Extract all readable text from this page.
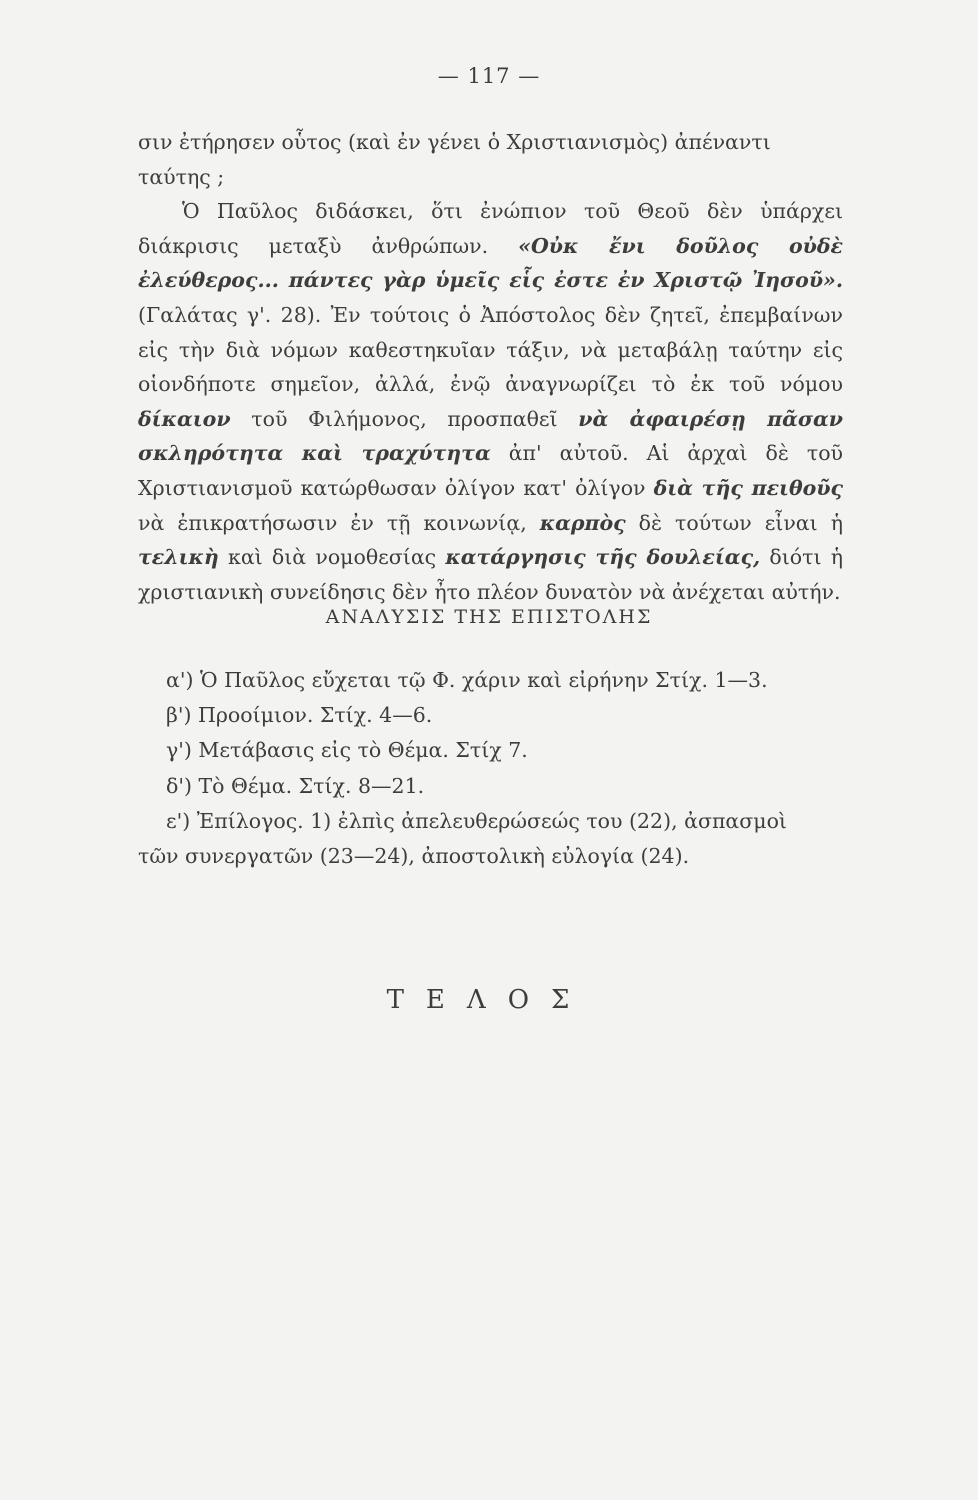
— 117 —

σιν ἐτήρησεν οὗτος (καὶ ἐν γένει ὁ Χριστιανισμὸς) ἀπέναντι
ταύτης ;

Ὁ Παῦλος διδάσκει, ὅτι ἐνώπιον τοῦ Θεοῦ δὲν ὑπάρχει διάκρισις μεταξὺ ἀνθρώπων. «Οὐκ ἔνι δοῦλος οὐδὲ ἐλεύθερος... πάντες γὰρ ὑμεῖς εἷς ἐστε ἐν Χριστῷ Ἰησοῦ». (Γαλάτας γ'. 28). Ἐν τούτοις ὁ Ἀπόστολος δὲν ζητεῖ, ἐπεμβαίνων εἰς τὴν διὰ νόμων καθεστηκυῖαν τάξιν, νὰ μεταβάλῃ ταύτην εἰς οἱονδήποτε σημεῖον, ἀλλά, ἐνῷ ἀναγνωρίζει τὸ ἐκ τοῦ νόμου δίκαιον τοῦ Φιλήμονος, προσπαθεῖ νὰ ἀφαιρέσῃ πᾶσαν σκληρότητα καὶ τραχύτητα ἀπ' αὐτοῦ. Αἱ ἀρχαὶ δὲ τοῦ Χριστιανισμοῦ κατώρθωσαν ὀλίγον κατ' ὀλίγον διὰ τῆς πειθοῦς νὰ ἐπικρατήσωσιν ἐν τῇ κοινωνίᾳ, καρπὸς δὲ τούτων εἶναι ἡ τελικὴ καὶ διὰ νομοθεσίας κατάργησις τῆς δουλείας, διότι ἡ χριστιανικὴ συνείδησις δὲν ἦτο πλέον δυνατὸν νὰ ἀνέχεται αὐτήν.

ΑΝΑΛΥΣΙΣ ΤΗΣ ΕΠΙΣΤΟΛΗΣ

α') Ὁ Παῦλος εὔχεται τῷ Φ. χάριν καὶ εἰρήνην Στίχ. 1—3.

β') Προοίμιον. Στίχ. 4—6.

γ') Μετάβασις εἰς τὸ Θέμα. Στίχ 7.

δ') Τὸ Θέμα. Στίχ. 8—21.

ε') Ἐπίλογος. 1) ἐλπὶς ἀπελευθερώσεώς του (22), ἀσπασμοὶ

τῶν συνεργατῶν (23—24), ἀποστολικὴ εὐλογία (24).

ΤΕΛΟΣ
